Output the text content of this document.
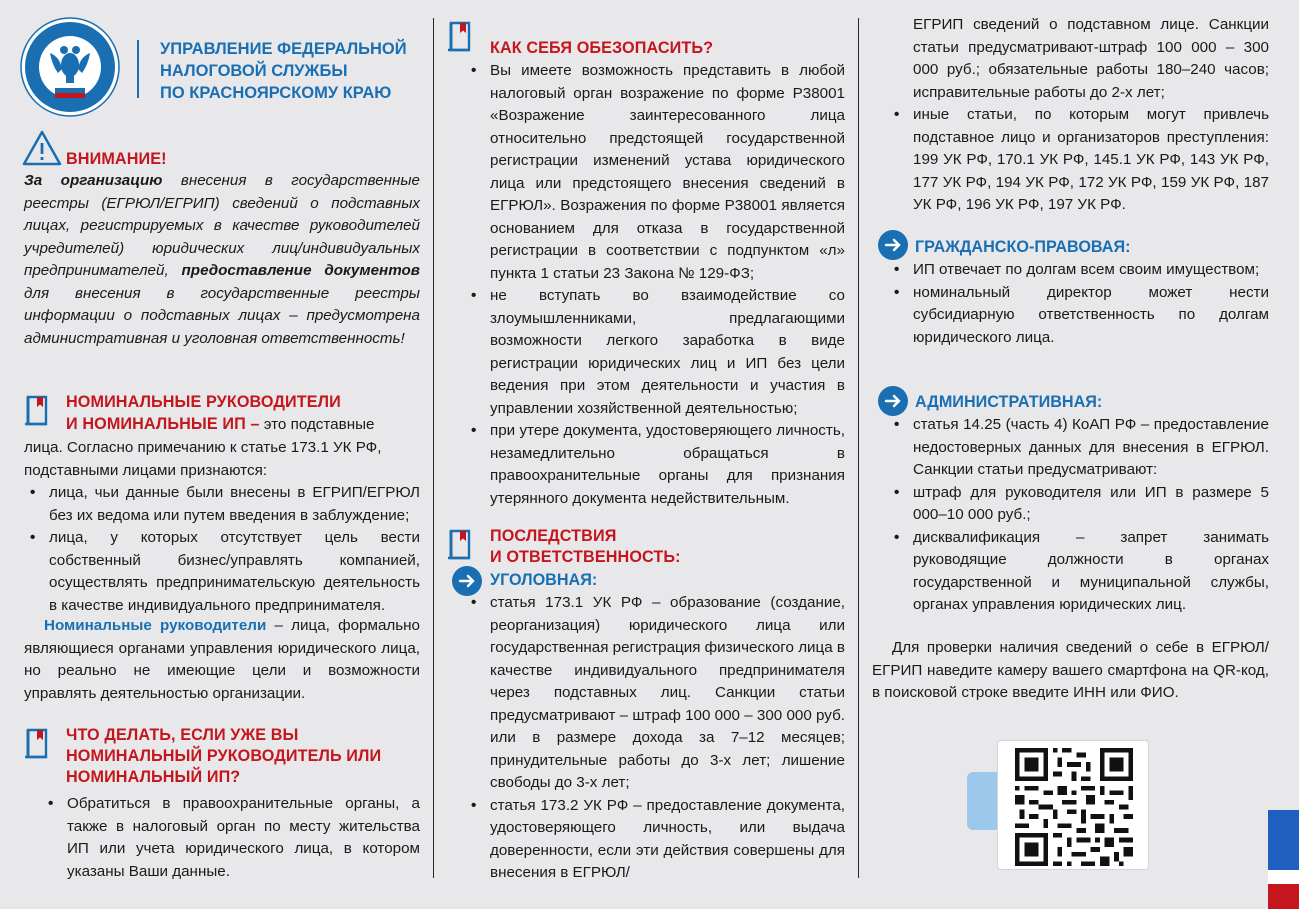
УПРАВЛЕНИЕ ФЕДЕРАЛЬНОЙ
НАЛОГОВОЙ СЛУЖБЫ
ПО КРАСНОЯРСКОМУ КРАЮ
ВНИМАНИЕ!

За организацию внесения в государственные реестры (ЕГРЮЛ/ЕГРИП) сведений о подставных лицах, регистрируемых в качестве руководителей учредителей) юридических лиц/индивидуальных предпринимателей, предоставление документов для внесения в государственные реестры информации о подставных лицах – предусмотрена административная и уголовная ответственность!

НОМИНАЛЬНЫЕ РУКОВОДИТЕЛИ
И НОМИНАЛЬНЫЕ ИП – это подставные

лица. Согласно примечанию к статье 173.1 УК РФ, подставными лицами признаются:

• лица, чьи данные были внесены в ЕГРИП/ЕГРЮЛ без их ведома или путем введения в заблуждение;
• лица, у которых отсутствует цель вести собственный бизнес/управлять компанией, осуществлять предпринимательскую деятельность в качестве индивидуального предпринимателя.

Номинальные руководители – лица, формально являющиеся органами управления юридического лица, но реально не имеющие цели и возможности управлять деятельностью организации.

ЧТО ДЕЛАТЬ, ЕСЛИ УЖЕ ВЫ
НОМИНАЛЬНЫЙ РУКОВОДИТЕЛЬ ИЛИ
НОМИНАЛЬНЫЙ ИП?
• Обратиться в правоохранительные органы, а также в налоговый орган по месту жительства ИП или учета юридического лица, в котором указаны Ваши данные.
КАК СЕБЯ ОБЕЗОПАСИТЬ?
• Вы имеете возможность представить в любой налоговый орган возражение по форме Р38001 «Возражение заинтересованного лица относительно предстоящей государственной регистрации изменений устава юридического лица или предстоящего внесения сведений в ЕГРЮЛ». Возражения по форме Р38001 является основанием для отказа в государственной регистрации в соответствии с подпунктом «л» пункта 1 статьи 23 Закона № 129-ФЗ;
• не вступать во взаимодействие со злоумышленниками, предлагающими возможности легкого заработка в виде регистрации юридических лиц и ИП без цели ведения при этом деятельности и участия в управлении хозяйственной деятельностью;
• при утере документа, удостоверяющего личность, незамедлительно обращаться в правоохранительные органы для признания утерянного документа недействительным.
ПОСЛЕДСТВИЯ
И ОТВЕТСТВЕННОСТЬ:
УГОЛОВНАЯ:
• статья 173.1 УК РФ – образование (создание, реорганизация) юридического лица или государственная регистрация физического лица в качестве индивидуального предпринимателя через подставных лиц. Санкции статьи предусматривают – штраф 100 000 – 300 000 руб. или в размере дохода за 7–12 месяцев; принудительные работы до 3-х лет; лишение свободы до 3-х лет;
• статья 173.2 УК РФ – предоставление документа, удостоверяющего личность, или выдача доверенности, если эти действия совершены для внесения в ЕГРЮЛ/

ЕГРИП сведений о подставном лице. Санкции статьи предусматривают-штраф 100 000 – 300 000 руб.; обязательные работы 180–240 часов; исправительные работы до 2-х лет;

• иные статьи, по которым могут привлечь подставное лицо и организаторов преступления: 199 УК РФ, 170.1 УК РФ, 145.1 УК РФ, 143 УК РФ, 177 УК РФ, 194 УК РФ, 172 УК РФ, 159 УК РФ, 187 УК РФ, 196 УК РФ, 197 УК РФ.
ГРАЖДАНСКО-ПРАВОВАЯ:
• ИП отвечает по долгам всем своим имуществом;
• номинальный директор может нести субсидиарную ответственность по долгам юридического лица.
АДМИНИСТРАТИВНАЯ:
• статья 14.25 (часть 4) КоАП РФ – предоставление недостоверных данных для внесения в ЕГРЮЛ. Санкции статьи предусматривают:
• штраф для руководителя или ИП в размере 5 000–10 000 руб.;
• дисквалификация – запрет занимать руководящие должности в органах государственной и муниципальной службы, органах управления юридических лиц.

Для проверки наличия сведений о себе в ЕГРЮЛ/ЕГРИП наведите камеру вашего смартфона на QR-код, в поисковой строке введите ИНН или ФИО.
